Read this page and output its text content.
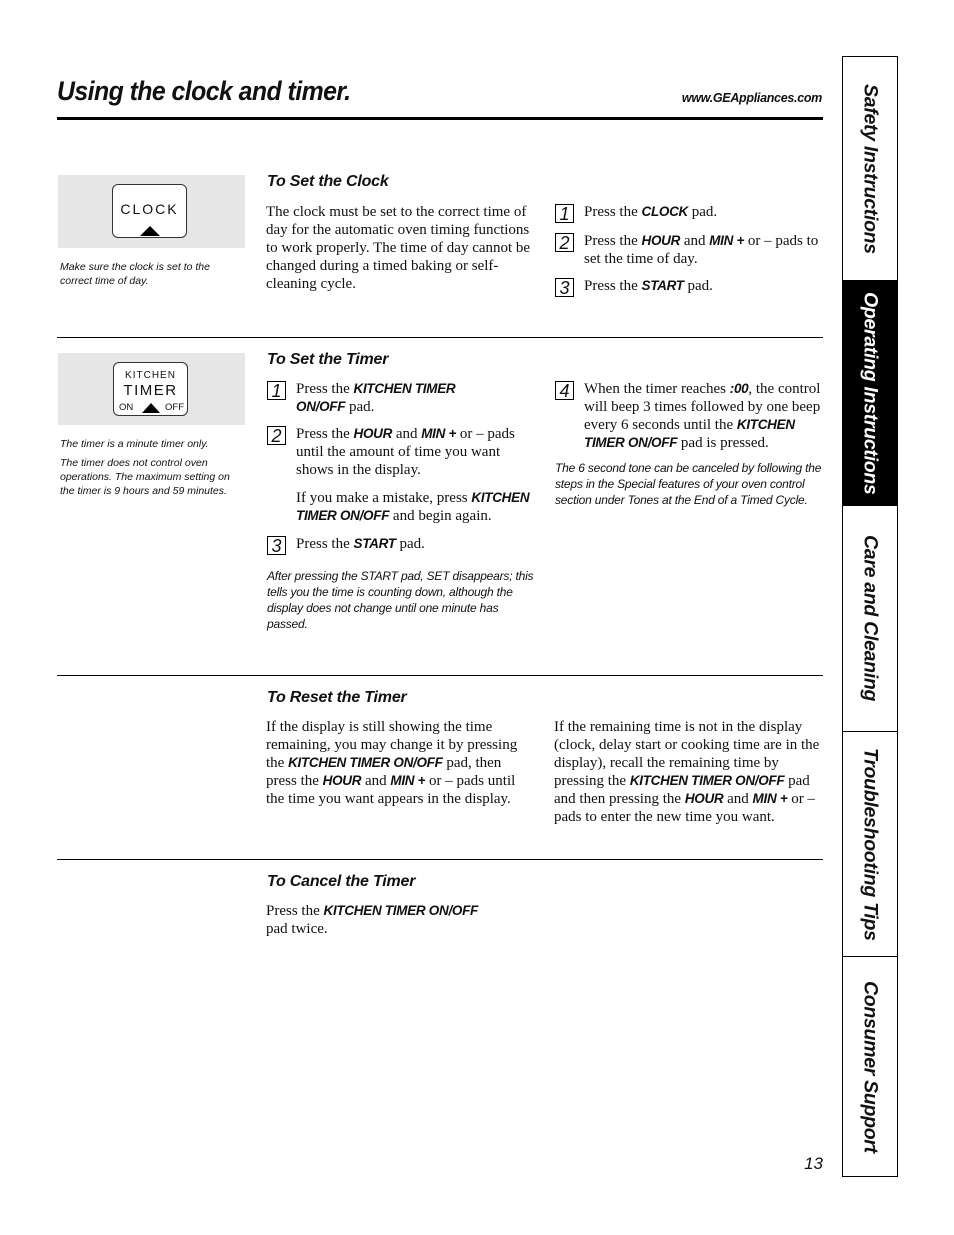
Using the clock and timer.	www.GEAppliances.com
CLOCK
Make sure the clock is set to the correct time of day.
To Set the Clock
The clock must be set to the correct time of day for the automatic oven timing functions to work properly. The time of day cannot be changed during a timed baking or self-cleaning cycle.
1 Press the CLOCK pad.
2 Press the HOUR and MIN + or – pads to set the time of day.
3 Press the START pad.
KITCHEN
TIMER
ON	OFF
The timer is a minute timer only.
The timer does not control oven operations. The maximum setting on the timer is 9 hours and 59 minutes.
To Set the Timer
1 Press the KITCHEN TIMER ON/OFF pad.
2 Press the HOUR and MIN + or – pads until the amount of time you want shows in the display.
If you make a mistake, press KITCHEN TIMER ON/OFF and begin again.
3 Press the START pad.
After pressing the START pad, SET disappears; this tells you the time is counting down, although the display does not change until one minute has passed.
4 When the timer reaches :00, the control will beep 3 times followed by one beep every 6 seconds until the KITCHEN TIMER ON/OFF pad is pressed.
The 6 second tone can be canceled by following the steps in the Special features of your oven control section under Tones at the End of a Timed Cycle.
To Reset the Timer
If the display is still showing the time remaining, you may change it by pressing the KITCHEN TIMER ON/OFF pad, then press the HOUR and MIN + or – pads until the time you want appears in the display.
If the remaining time is not in the display (clock, delay start or cooking time are in the display), recall the remaining time by pressing the KITCHEN TIMER ON/OFF pad and then pressing the HOUR and MIN + or – pads to enter the new time you want.
To Cancel the Timer
Press the KITCHEN TIMER ON/OFF pad twice.
Safety Instructions
Operating Instructions
Care and Cleaning
Troubleshooting Tips
Consumer Support
13
